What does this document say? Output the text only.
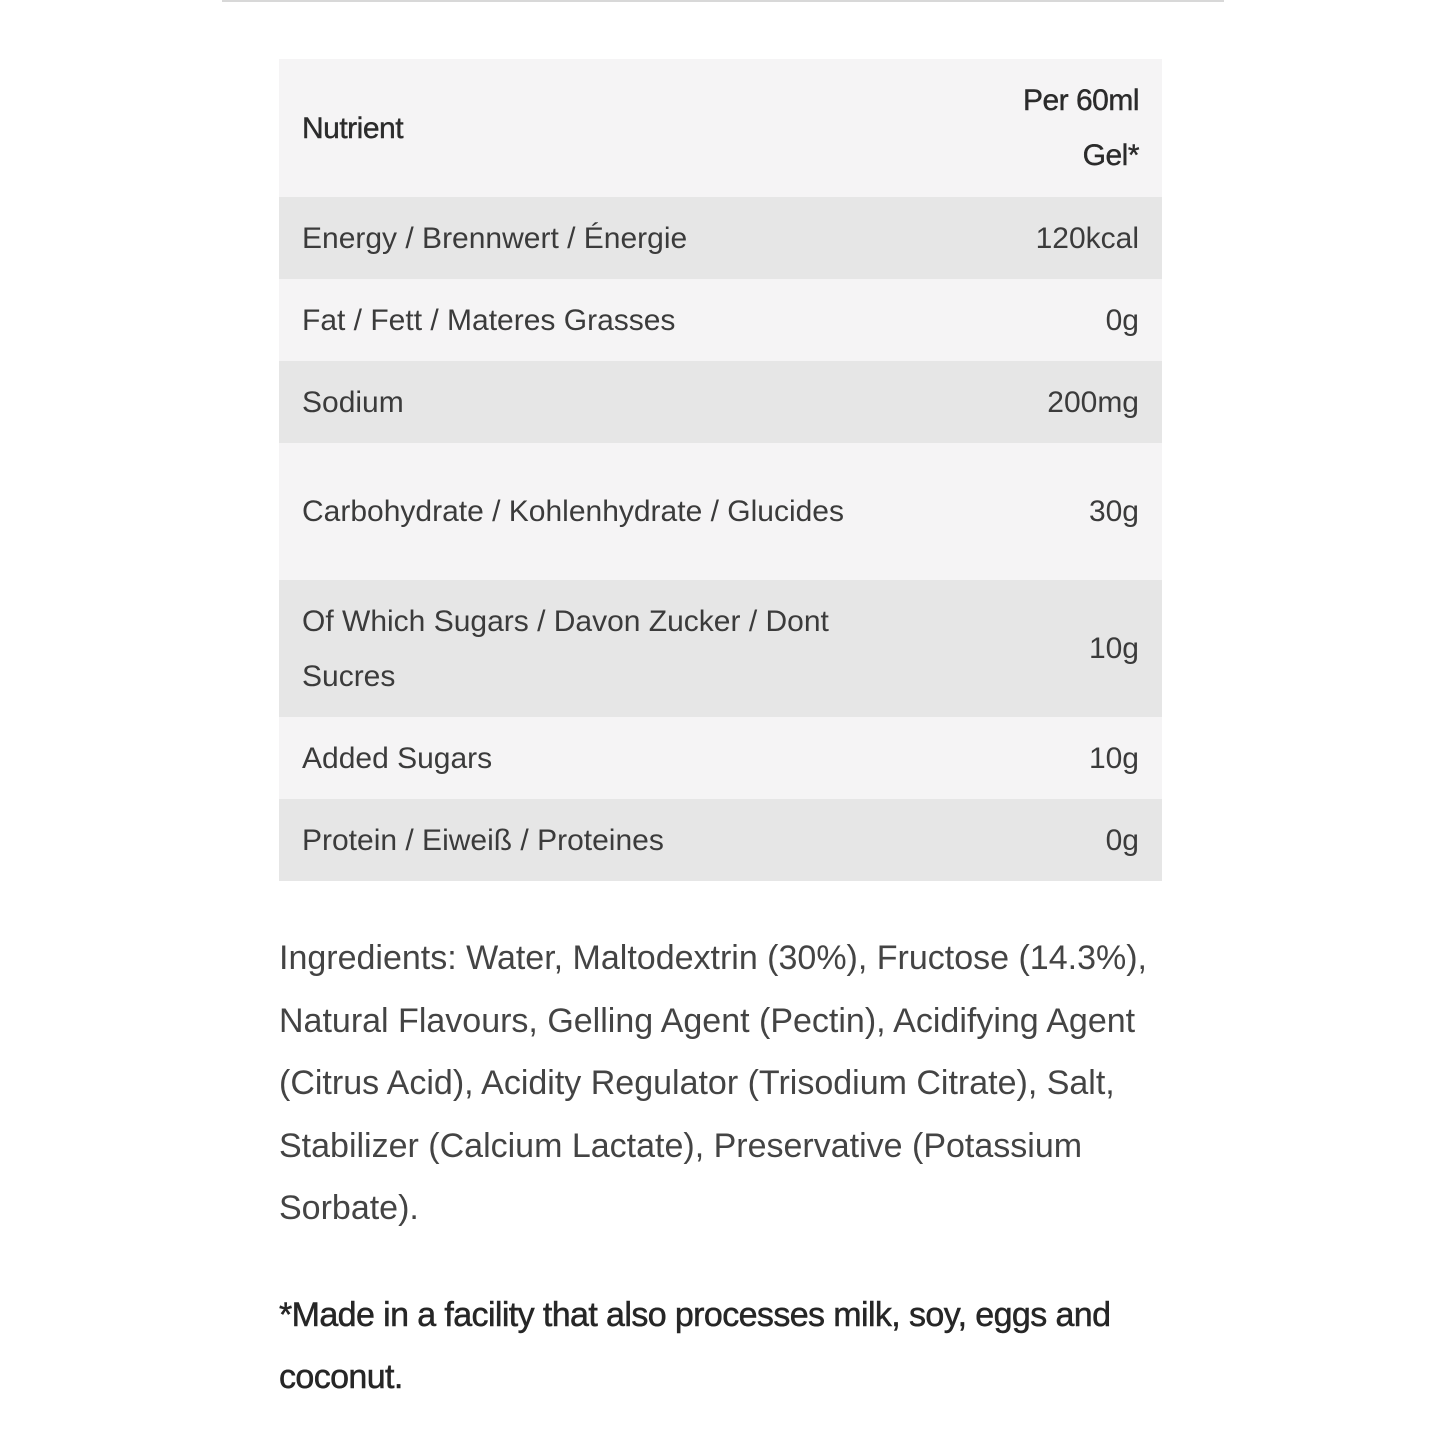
Nutrient	Per 60ml
Gel*

Energy / Brennwert / Énergie	120kcal
Fat / Fett / Materes Grasses	0g
Sodium	200mg
Carbohydrate / Kohlenhydrate / Glucides	30g
Of Which Sugars / Davon Zucker / Dont Sucres	10g
Added Sugars	10g
Protein / Eiweiß / Proteines	0g

Ingredients: Water, Maltodextrin (30%), Fructose (14.3%), Natural Flavours, Gelling Agent (Pectin), Acidifying Agent (Citrus Acid), Acidity Regulator (Trisodium Citrate), Salt, Stabilizer (Calcium Lactate), Preservative (Potassium Sorbate).

*Made in a facility that also processes milk, soy, eggs and coconut.
